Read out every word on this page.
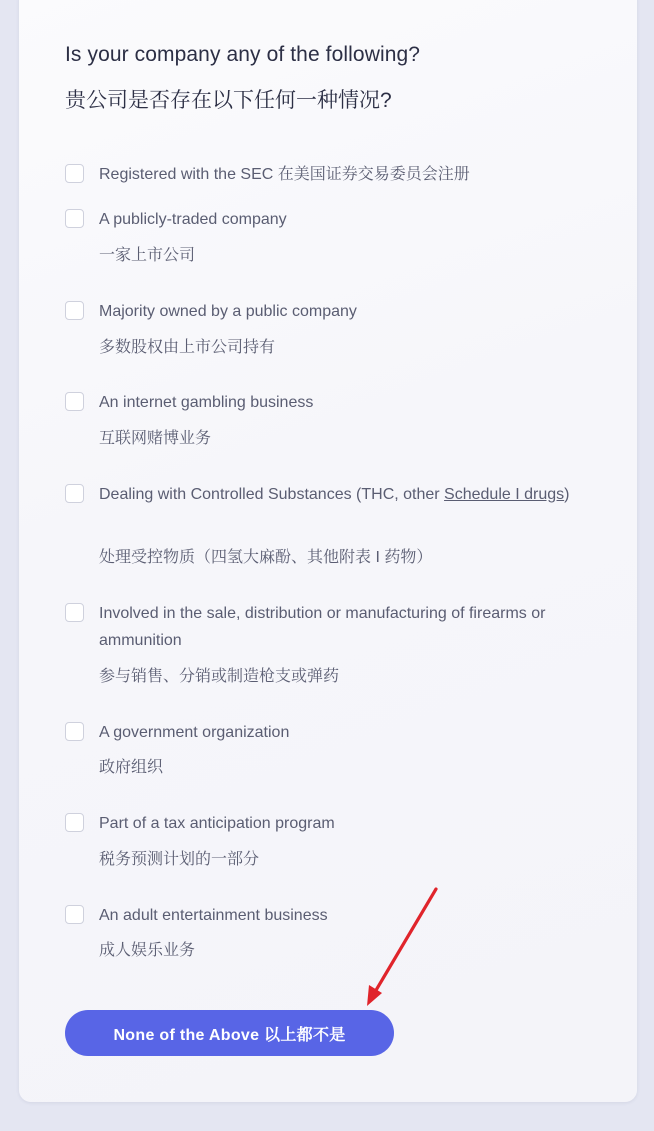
Is your company any of the following?
贵公司是否存在以下任何一种情况?
Registered with the SEC 在美国证券交易委员会注册
A publicly-traded company
一家上市公司
Majority owned by a public company
多数股权由上市公司持有
An internet gambling business
互联网赌博业务
Dealing with Controlled Substances (THC, other Schedule I drugs)
处理受控物质（四氢大麻酚、其他附表 I 药物）
Involved in the sale, distribution or manufacturing of firearms or ammunition
参与销售、分销或制造枪支或弹药
A government organization
政府组织
Part of a tax anticipation program
税务预测计划的一部分
An adult entertainment business
成人娱乐业务
None of the Above 以上都不是
